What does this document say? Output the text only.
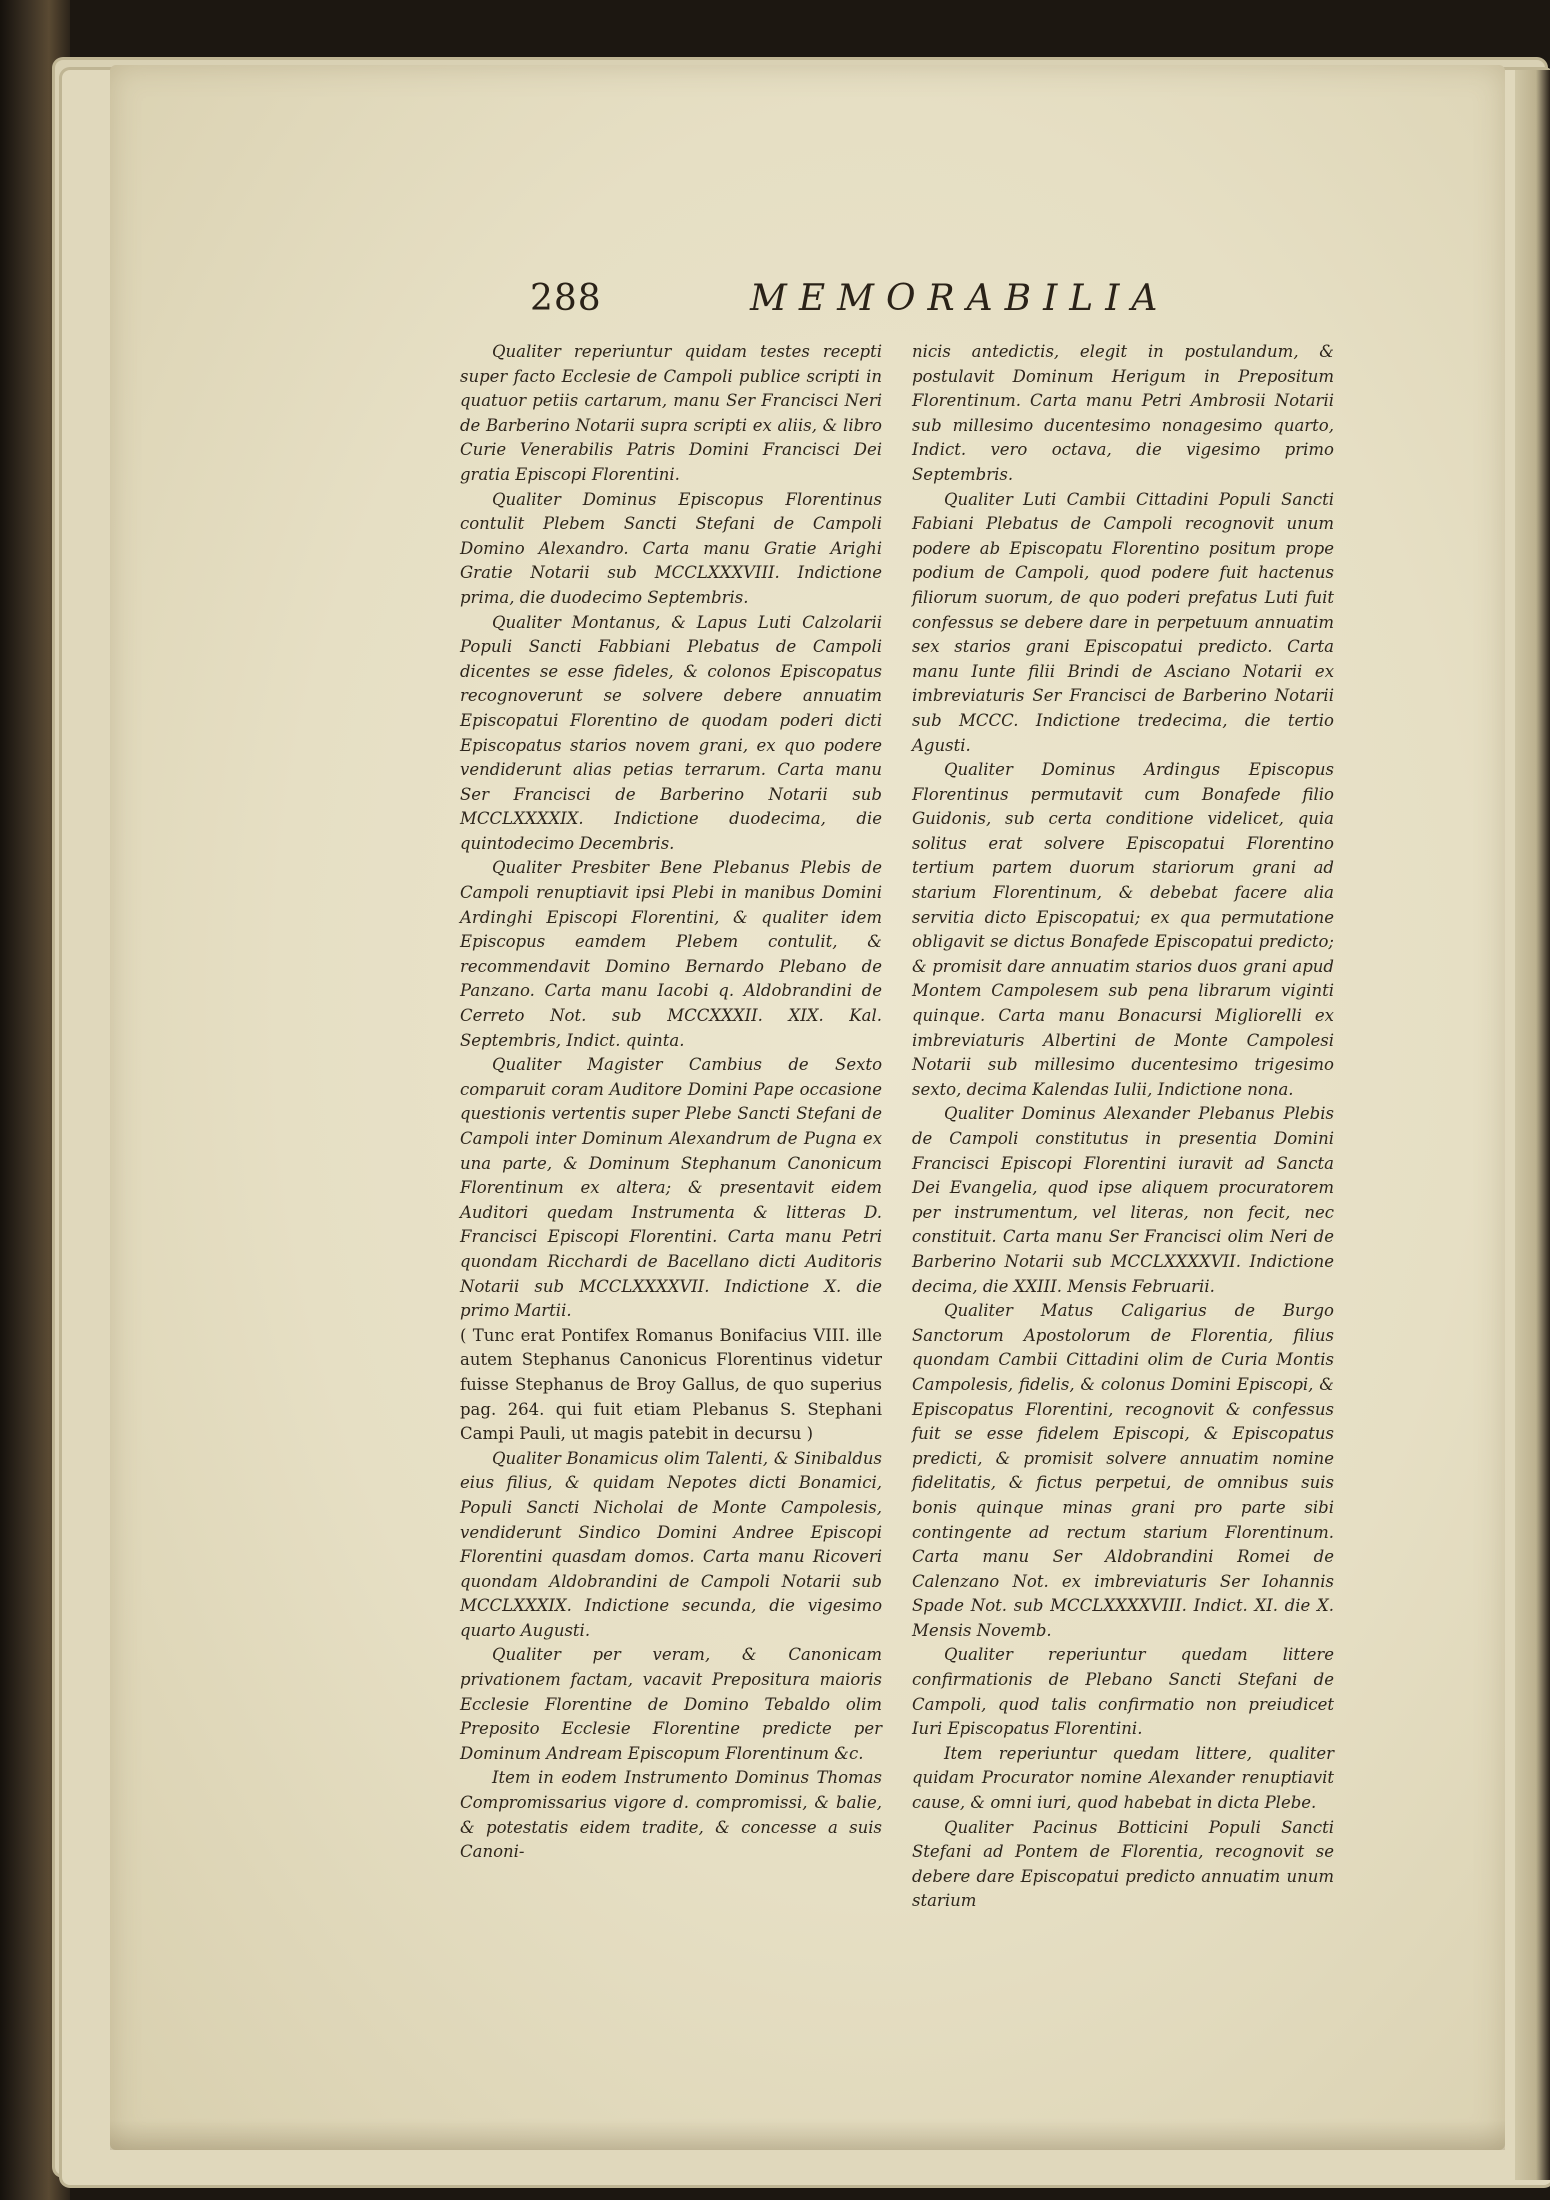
288	MEMORABILIA

Qualiter reperiuntur quidam testes recepti super facto Ecclesie de Campoli publice scripti in quatuor petiis cartarum, manu Ser Francisci Neri de Barberino Notarii supra scripti ex aliis, & libro Curie Venerabilis Patris Domini Francisci Dei gratia Episcopi Florentini.

Qualiter Dominus Episcopus Florentinus contulit Plebem Sancti Stefani de Campoli Domino Alexandro. Carta manu Gratie Arighi Gratie Notarii sub MCCLXXXVIII. Indictione prima, die duodecimo Septembris.

Qualiter Montanus, & Lapus Luti Calzolarii Populi Sancti Fabbiani Plebatus de Campoli dicentes se esse fideles, & colonos Episcopatus recognoverunt se solvere debere annuatim Episcopatui Florentino de quodam poderi dicti Episcopatus starios novem grani, ex quo podere vendiderunt alias petias terrarum. Carta manu Ser Francisci de Barberino Notarii sub MCCLXXXXIX. Indictione duodecima, die quintodecimo Decembris.

Qualiter Presbiter Bene Plebanus Plebis de Campoli renuptiavit ipsi Plebi in manibus Domini Ardinghi Episcopi Florentini, & qualiter idem Episcopus eamdem Plebem contulit, & recommendavit Domino Bernardo Plebano de Panzano. Carta manu Iacobi q. Aldobrandini de Cerreto Not. sub MCCXXXII. XIX. Kal. Septembris, Indict. quinta.

Qualiter Magister Cambius de Sexto comparuit coram Auditore Domini Pape occasione questionis vertentis super Plebe Sancti Stefani de Campoli inter Dominum Alexandrum de Pugna ex una parte, & Dominum Stephanum Canonicum Florentinum ex altera; & presentavit eidem Auditori quedam Instrumenta & litteras D. Francisci Episcopi Florentini. Carta manu Petri quondam Ricchardi de Bacellano dicti Auditoris Notarii sub MCCLXXXXVII. Indictione X. die primo Martii.

( Tunc erat Pontifex Romanus Bonifacius VIII. ille autem Stephanus Canonicus Florentinus videtur fuisse Stephanus de Broy Gallus, de quo superius pag. 264. qui fuit etiam Plebanus S. Stephani Campi Pauli, ut magis patebit in decursu )

Qualiter Bonamicus olim Talenti, & Sinibaldus eius filius, & quidam Nepotes dicti Bonamici, Populi Sancti Nicholai de Monte Campolesis, vendiderunt Sindico Domini Andree Episcopi Florentini quasdam domos. Carta manu Ricoveri quondam Aldobrandini de Campoli Notarii sub MCCLXXXIX. Indictione secunda, die vigesimo quarto Augusti.

Qualiter per veram, & Canonicam privationem factam, vacavit Prepositura maioris Ecclesie Florentine de Domino Tebaldo olim Preposito Ecclesie Florentine predicte per Dominum Andream Episcopum Florentinum &c.

Item in eodem Instrumento Dominus Thomas Compromissarius vigore d. compromissi, & balie, & potestatis eidem tradite, & concesse a suis Canoni-

nicis antedictis, elegit in postulandum, & postulavit Dominum Herigum in Prepositum Florentinum. Carta manu Petri Ambrosii Notarii sub millesimo ducentesimo nonagesimo quarto, Indict. vero octava, die vigesimo primo Septembris.

Qualiter Luti Cambii Cittadini Populi Sancti Fabiani Plebatus de Campoli recognovit unum podere ab Episcopatu Florentino positum prope podium de Campoli, quod podere fuit hactenus filiorum suorum, de quo poderi prefatus Luti fuit confessus se debere dare in perpetuum annuatim sex starios grani Episcopatui predicto. Carta manu Iunte filii Brindi de Asciano Notarii ex imbreviaturis Ser Francisci de Barberino Notarii sub MCCC. Indictione tredecima, die tertio Agusti.

Qualiter Dominus Ardingus Episcopus Florentinus permutavit cum Bonafede filio Guidonis, sub certa conditione videlicet, quia solitus erat solvere Episcopatui Florentino tertium partem duorum stariorum grani ad starium Florentinum, & debebat facere alia servitia dicto Episcopatui; ex qua permutatione obligavit se dictus Bonafede Episcopatui predicto; & promisit dare annuatim starios duos grani apud Montem Campolesem sub pena librarum viginti quinque. Carta manu Bonacursi Migliorelli ex imbreviaturis Albertini de Monte Campolesi Notarii sub millesimo ducentesimo trigesimo sexto, decima Kalendas Iulii, Indictione nona.

Qualiter Dominus Alexander Plebanus Plebis de Campoli constitutus in presentia Domini Francisci Episcopi Florentini iuravit ad Sancta Dei Evangelia, quod ipse aliquem procuratorem per instrumentum, vel literas, non fecit, nec constituit. Carta manu Ser Francisci olim Neri de Barberino Notarii sub MCCLXXXXVII. Indictione decima, die XXIII. Mensis Februarii.

Qualiter Matus Caligarius de Burgo Sanctorum Apostolorum de Florentia, filius quondam Cambii Cittadini olim de Curia Montis Campolesis, fidelis, & colonus Domini Episcopi, & Episcopatus Florentini, recognovit & confessus fuit se esse fidelem Episcopi, & Episcopatus predicti, & promisit solvere annuatim nomine fidelitatis, & fictus perpetui, de omnibus suis bonis quinque minas grani pro parte sibi contingente ad rectum starium Florentinum. Carta manu Ser Aldobrandini Romei de Calenzano Not. ex imbreviaturis Ser Iohannis Spade Not. sub MCCLXXXXVIII. Indict. XI. die X. Mensis Novemb.

Qualiter reperiuntur quedam littere confirmationis de Plebano Sancti Stefani de Campoli, quod talis confirmatio non preiudicet Iuri Episcopatus Florentini.

Item reperiuntur quedam littere, qualiter quidam Procurator nomine Alexander renuptiavit cause, & omni iuri, quod habebat in dicta Plebe.

Qualiter Pacinus Botticini Populi Sancti Stefani ad Pontem de Florentia, recognovit se debere dare Episcopatui predicto annuatim unum starium
